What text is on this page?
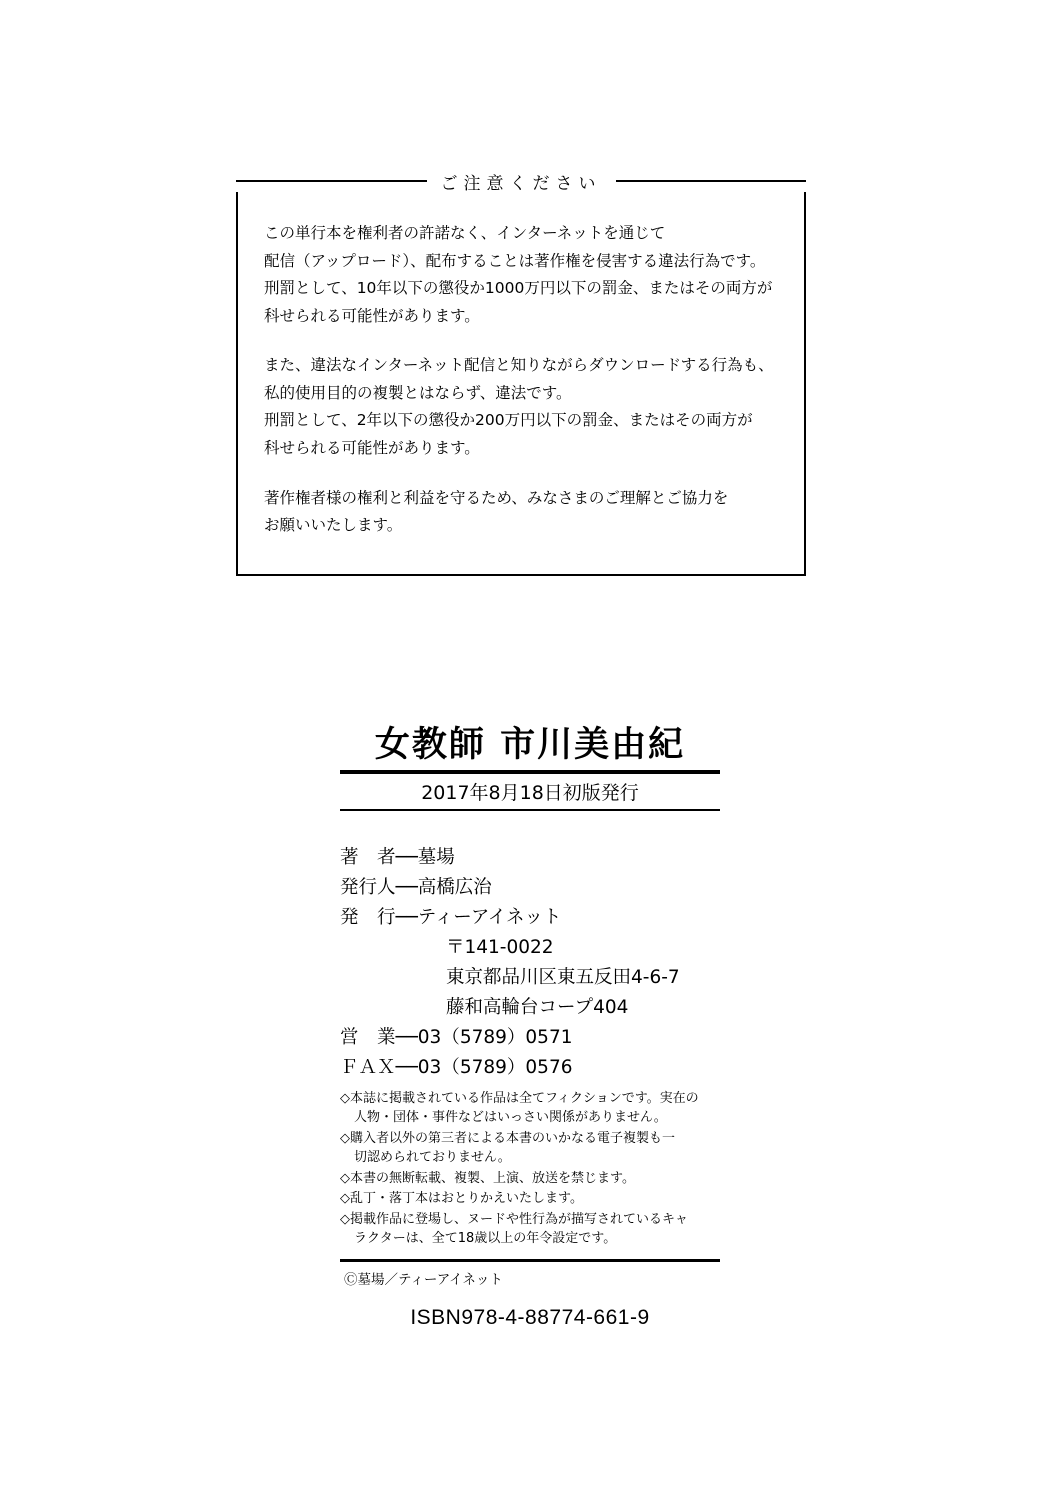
ご注意ください

この単行本を権利者の許諾なく、インターネットを通じて
配信（アップロード）、配布することは著作権を侵害する違法行為です。
刑罰として、10年以下の懲役か1000万円以下の罰金、またはその両方が
科せられる可能性があります。

また、違法なインターネット配信と知りながらダウンロードする行為も、
私的使用目的の複製とはならず、違法です。
刑罰として、2年以下の懲役か200万円以下の罰金、またはその両方が
科せられる可能性があります。

著作権者様の権利と利益を守るため、みなさまのご理解とご協力を
お願いいたします。

女教師 市川美由紀
2017年8月18日初版発行
著　者──墓場
発行人──高橋広治
発　行──ティーアイネット
〒141-0022
東京都品川区東五反田4-6-7
藤和高輪台コープ404
営　業──03（5789）0571
ＦＡＸ──03（5789）0576
◇本誌に掲載されている作品は全てフィクションです。実在の
人物・団体・事件などはいっさい関係がありません。
◇購入者以外の第三者による本書のいかなる電子複製も一
切認められておりません。
◇本書の無断転載、複製、上演、放送を禁じます。
◇乱丁・落丁本はおとりかえいたします。
◇掲載作品に登場し、ヌードや性行為が描写されているキャ
ラクターは、全て18歳以上の年令設定です。
Ⓒ墓場／ティーアイネット
ISBN978-4-88774-661-9
